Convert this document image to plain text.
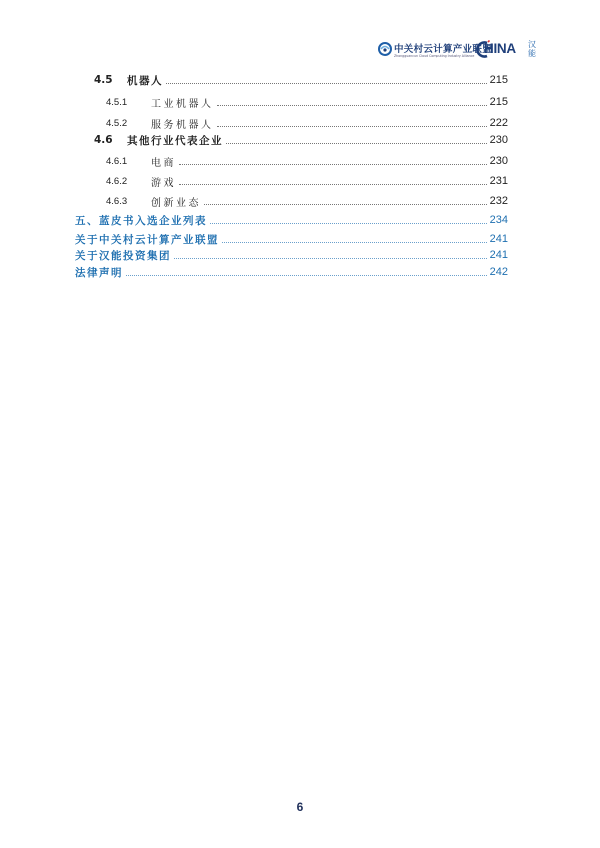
中关村云计算产业联盟
Zhongguancun Cloud Computing Industry Alliance HINA 汉能
4.5	机器人	215
4.5.1	工业机器人	215
4.5.2	服务机器人	222
4.6	其他行业代表企业	230
4.6.1	电商	230
4.6.2	游戏	231
4.6.3	创新业态	232
五、蓝皮书入选企业列表	234
关于中关村云计算产业联盟	241
关于汉能投资集团	241
法律声明	242
6
